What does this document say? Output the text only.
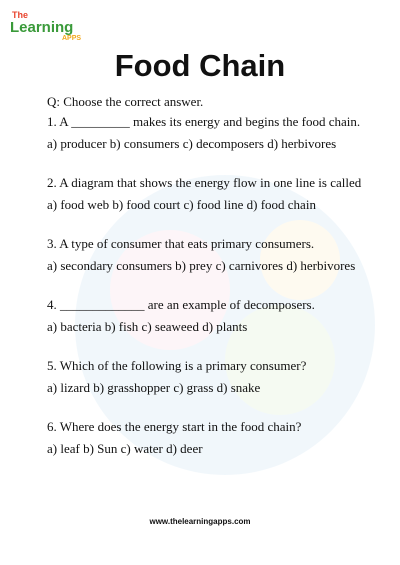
The
Learning
APPS
Food Chain

Q: Choose the correct answer.

1. A _________ makes its energy and begins the food chain.

a) producer b) consumers c) decomposers d) herbivores

2. A diagram that shows the energy flow in one line is called

a) food web b) food court c) food line d) food chain

3. A type of consumer that eats primary consumers.

a) secondary consumers b) prey c) carnivores d) herbivores

4. _____________ are an example of decomposers.

a) bacteria b) fish c) seaweed d) plants

5. Which of the following is a primary consumer?

a) lizard b) grasshopper c) grass d) snake

6. Where does the energy start in the food chain?

a) leaf b) Sun c) water d) deer

www.thelearningapps.com
